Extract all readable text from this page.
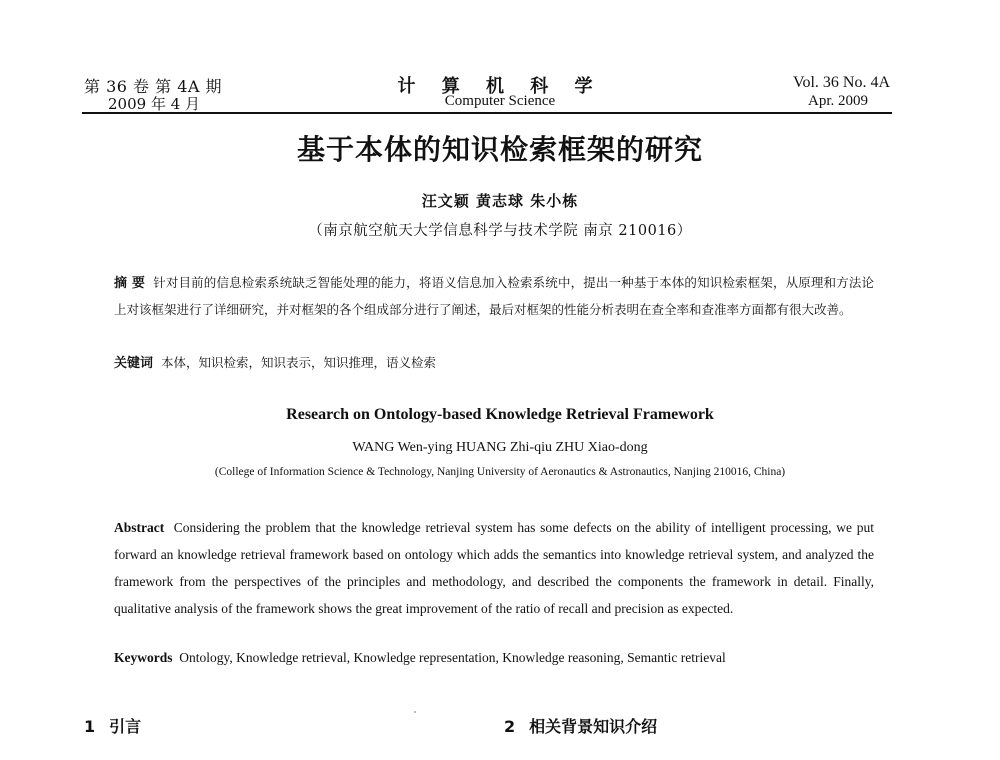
第 36 卷 第 4A 期
2009 年 4 月
计 算 机 科 学
Computer Science
Vol. 36 No. 4A
Apr. 2009
基于本体的知识检索框架的研究
汪文颖 黄志球 朱小栋
（南京航空航天大学信息科学与技术学院 南京 210016）
摘 要 针对目前的信息检索系统缺乏智能处理的能力，将语义信息加入检索系统中，提出一种基于本体的知识检索框架，从原理和方法论上对该框架进行了详细研究，并对框架的各个组成部分进行了阐述，最后对框架的性能分析表明在查全率和查准率方面都有很大改善。
关键词 本体，知识检索，知识表示，知识推理，语义检索
Research on Ontology-based Knowledge Retrieval Framework
WANG Wen-ying HUANG Zhi-qiu ZHU Xiao-dong
(College of Information Science & Technology, Nanjing University of Aeronautics & Astronautics, Nanjing 210016, China)
Abstract Considering the problem that the knowledge retrieval system has some defects on the ability of intelligent processing, we put forward an knowledge retrieval framework based on ontology which adds the semantics into knowledge retrieval system, and analyzed the framework from the perspectives of the principles and methodology, and described the components the framework in detail. Finally, qualitative analysis of the framework shows the great improvement of the ratio of recall and precision as expected.
Keywords Ontology, Knowledge retrieval, Knowledge representation, Knowledge reasoning, Semantic retrieval
1 引言	2 相关背景知识介绍
